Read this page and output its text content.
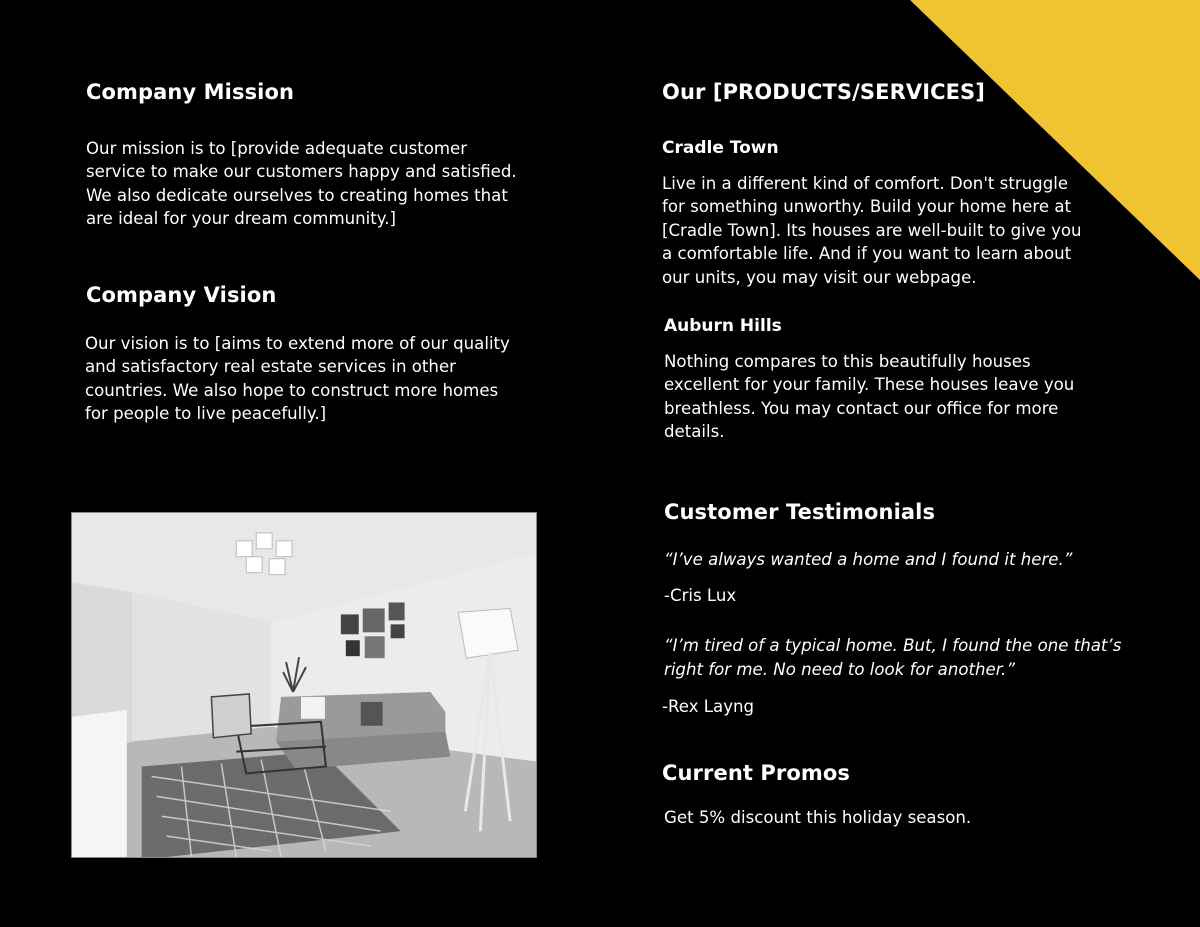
Company Mission
Our mission is to [provide adequate customer
service to make our customers happy and satisfied.
We also dedicate ourselves to creating homes that
are ideal for your dream community.]
Company Vision
Our vision is to [aims to extend more of our quality
and satisfactory real estate services in other
countries. We also hope to construct more homes
for people to live peacefully.]
Our [PRODUCTS/SERVICES]
Cradle Town
Live in a different kind of comfort. Don't struggle
for something unworthy. Build your home here at
[Cradle Town]. Its houses are well-built to give you
a comfortable life. And if you want to learn about
our units, you may visit our webpage.
Auburn Hills
Nothing compares to this beautifully houses
excellent for your family. These houses leave you
breathless. You may contact our office for more
details.
Customer Testimonials
“I’ve always wanted a home and I found it here.”
-Cris Lux
“I’m tired of a typical home. But, I found the one that’s
right for me. No need to look for another.”
-Rex Layng
Current Promos
Get 5% discount this holiday season.
